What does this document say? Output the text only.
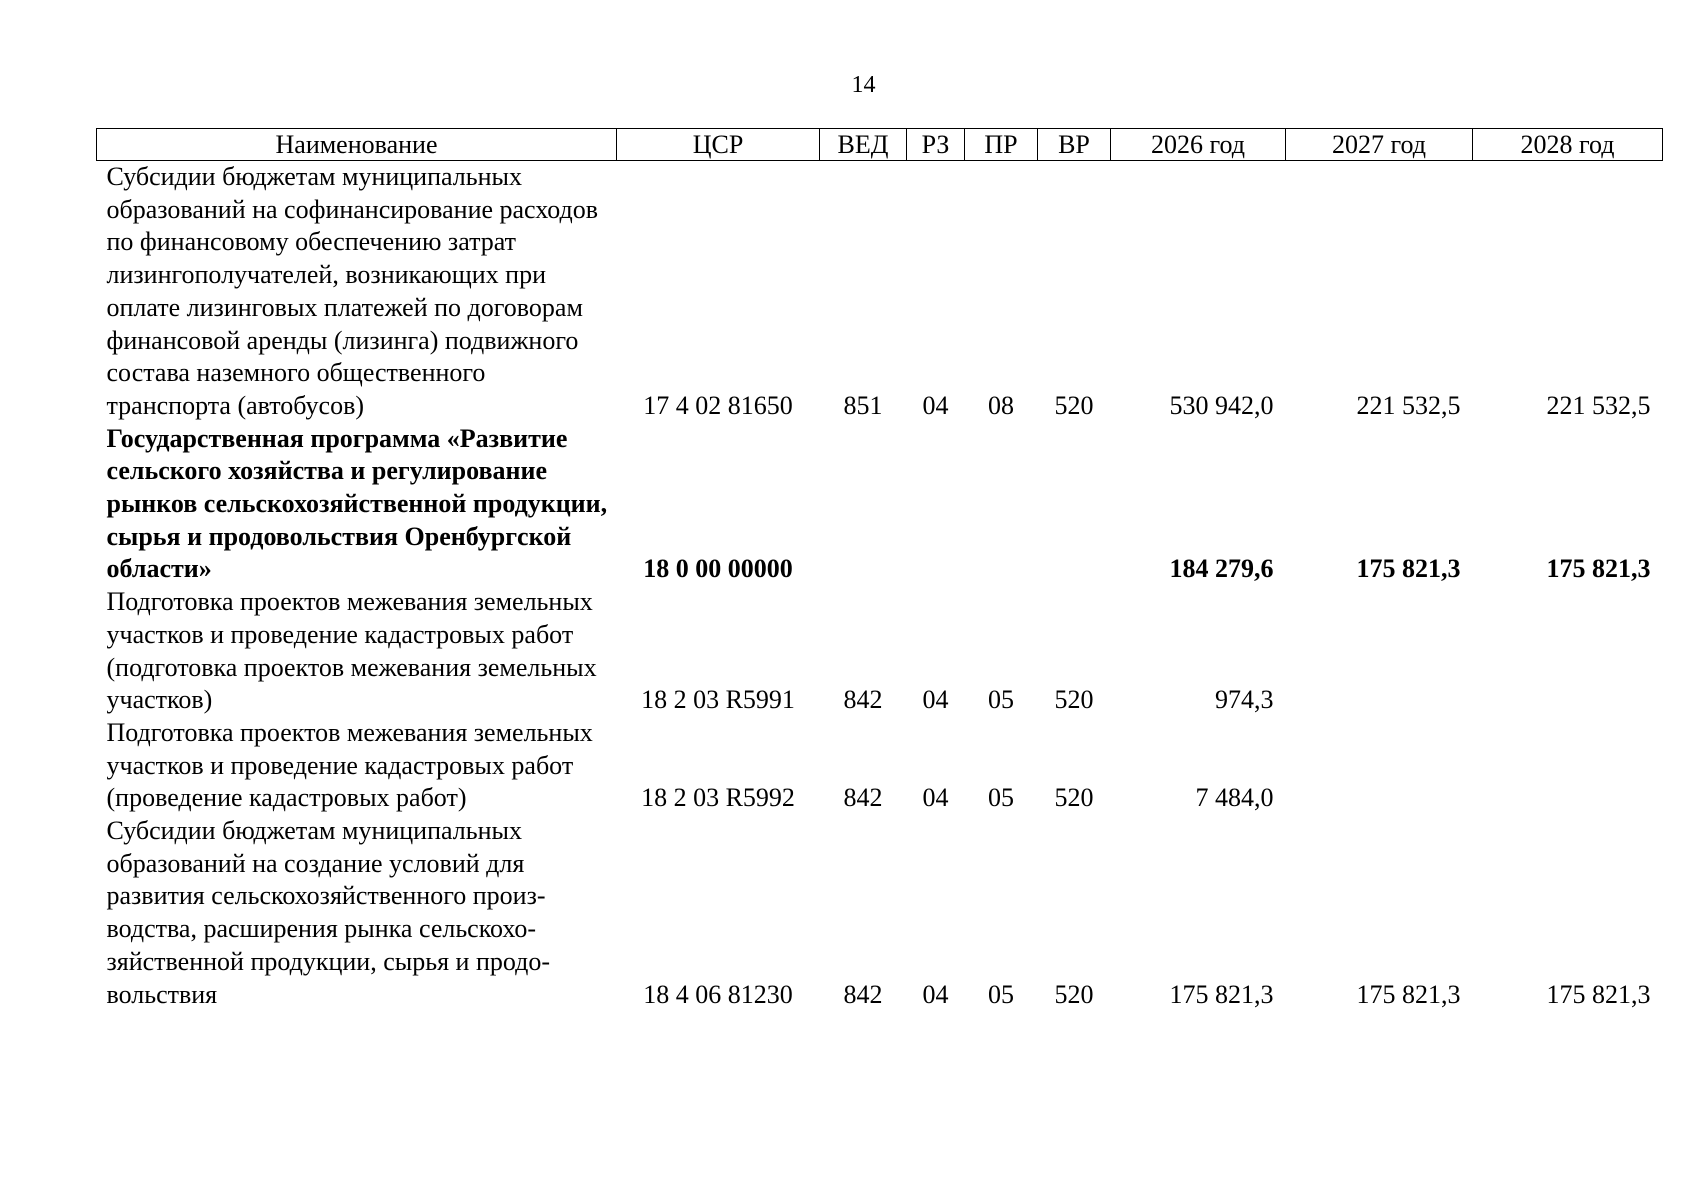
14
Наименование	ЦСР	ВЕД	РЗ	ПР	ВР	2026 год	2027 год	2028 год
Субсидии бюджетам муниципальных образований на софинансирование расходов по финансовому обеспечению затрат лизингополучателей, возникающих при оплате лизинговых платежей по договорам финансовой аренды (лизинга) подвижного состава наземного общественного транспорта (автобусов)	17 4 02 81650	851	04	08	520	530 942,0	221 532,5	221 532,5
Государственная программа «Развитие сельского хозяйства и регулирование рынков сельскохозяйственной продукции, сырья и продовольствия Оренбургской области»	18 0 00 00000					184 279,6	175 821,3	175 821,3
Подготовка проектов межевания земельных участков и проведение кадастровых работ (подготовка проектов межевания земельных участков)	18 2 03 R5991	842	04	05	520	974,3		
Подготовка проектов межевания земельных участков и проведение кадастровых работ (проведение кадастровых работ)	18 2 03 R5992	842	04	05	520	7 484,0		
Субсидии бюджетам муниципальных образований на создание условий для развития сельскохозяйственного производства, расширения рынка сельскохозяйственной продукции, сырья и продовольствия	18 4 06 81230	842	04	05	520	175 821,3	175 821,3	175 821,3
